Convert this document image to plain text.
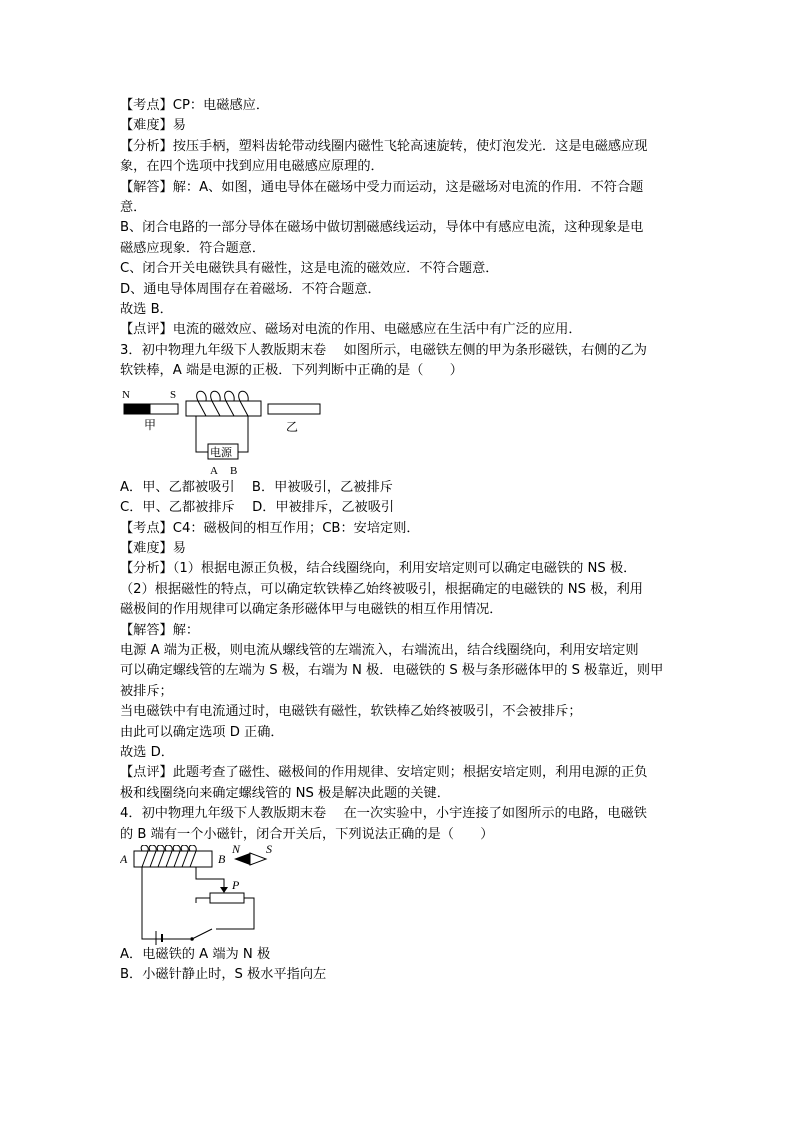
【考点】CP：电磁感应．
【难度】易
【分析】按压手柄，塑料齿轮带动线圈内磁性飞轮高速旋转，使灯泡发光．这是电磁感应现
象，在四个选项中找到应用电磁感应原理的．
【解答】解：A、如图，通电导体在磁场中受力而运动，这是磁场对电流的作用．不符合题
意．
B、闭合电路的一部分导体在磁场中做切割磁感线运动，导体中有感应电流，这种现象是电
磁感应现象．符合题意．
C、闭合开关电磁铁具有磁性，这是电流的磁效应．不符合题意．
D、通电导体周围存在着磁场．不符合题意．
故选 B．
【点评】电流的磁效应、磁场对电流的作用、电磁感应在生活中有广泛的应用．
3．初中物理九年级下人教版期末卷　 如图所示，电磁铁左侧的甲为条形磁铁，右侧的乙为
软铁棒，A 端是电源的正极．下列判断中正确的是（　　）
N	S
甲
电源
A B
乙
A．甲、乙都被吸引　 B．甲被吸引，乙被排斥
C．甲、乙都被排斥　 D．甲被排斥，乙被吸引
【考点】C4：磁极间的相互作用；CB：安培定则．
【难度】易
【分析】（1）根据电源正负极，结合线圈绕向，利用安培定则可以确定电磁铁的 NS 极．
（2）根据磁性的特点，可以确定软铁棒乙始终被吸引，根据确定的电磁铁的 NS 极，利用
磁极间的作用规律可以确定条形磁体甲与电磁铁的相互作用情况．
【解答】解：
电源 A 端为正极，则电流从螺线管的左端流入，右端流出，结合线圈绕向，利用安培定则
可以确定螺线管的左端为 S 极，右端为 N 极．电磁铁的 S 极与条形磁体甲的 S 极靠近，则甲
被排斥；
当电磁铁中有电流通过时，电磁铁有磁性，软铁棒乙始终被吸引，不会被排斥；
由此可以确定选项 D 正确．
故选 D．
【点评】此题考查了磁性、磁极间的作用规律、安培定则；根据安培定则，利用电源的正负
极和线圈绕向来确定螺线管的 NS 极是解决此题的关键．
4．初中物理九年级下人教版期末卷　 在一次实验中，小宇连接了如图所示的电路，电磁铁
的 B 端有一个小磁针，闭合开关后，下列说法正确的是（　　）
A	B
N S
P
A．电磁铁的 A 端为 N 极
B．小磁针静止时，S 极水平指向左
